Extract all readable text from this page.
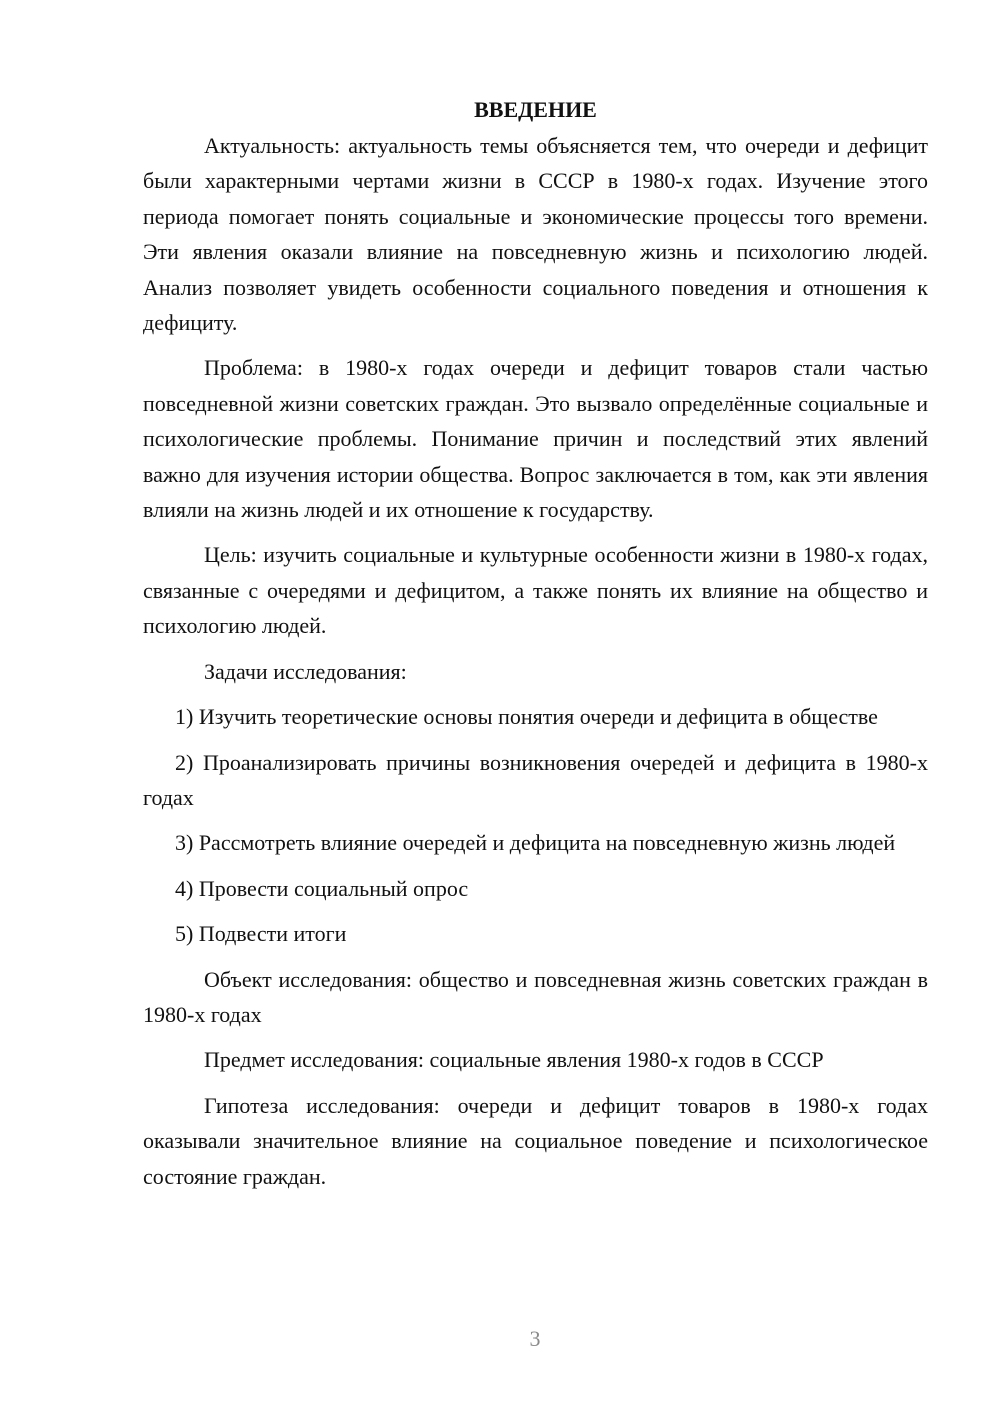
ВВЕДЕНИЕ
Актуальность: актуальность темы объясняется тем, что очереди и дефицит были характерными чертами жизни в СССР в 1980-х годах. Изучение этого периода помогает понять социальные и экономические процессы того времени. Эти явления оказали влияние на повседневную жизнь и психологию людей. Анализ позволяет увидеть особенности социального поведения и отношения к дефициту.
Проблема: в 1980-х годах очереди и дефицит товаров стали частью повседневной жизни советских граждан. Это вызвало определённые социальные и психологические проблемы. Понимание причин и последствий этих явлений важно для изучения истории общества. Вопрос заключается в том, как эти явления влияли на жизнь людей и их отношение к государству.
Цель: изучить социальные и культурные особенности жизни в 1980-х годах, связанные с очередями и дефицитом, а также понять их влияние на общество и психологию людей.
Задачи исследования:
1) Изучить теоретические основы понятия очереди и дефицита в обществе
2) Проанализировать причины возникновения очередей и дефицита в 1980-х годах
3) Рассмотреть влияние очередей и дефицита на повседневную жизнь людей
4) Провести социальный опрос
5) Подвести итоги
Объект исследования: общество и повседневная жизнь советских граждан в 1980-х годах
Предмет исследования: социальные явления 1980-х годов в СССР
Гипотеза исследования: очереди и дефицит товаров в 1980-х годах оказывали значительное влияние на социальное поведение и психологическое состояние граждан.
3
